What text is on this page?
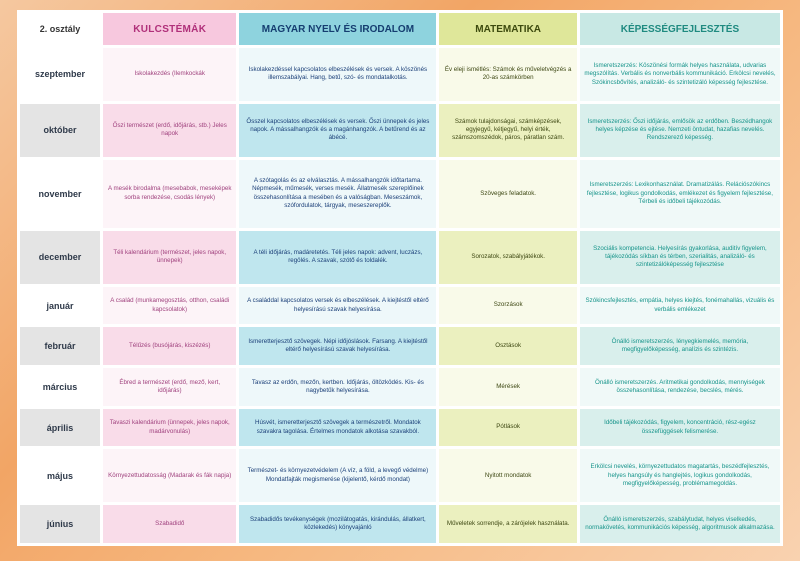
2. osztály	KULCSTÉMÁK	MAGYAR NYELV ÉS IRODALOM	MATEMATIKA	KÉPESSÉGFEJLESZTÉS
szeptember	Iskolakezdés (Ilemkockák	Iskolakezdéssel kapcsolatos elbeszélések és versek. A köszönés illemszabályai. Hang, betű, szó- és mondatalkotás.	Év eleji ismétlés: Számok és műveletvégzés a 20-as számkörben	Ismeretszerzés: Köszönési formák helyes használata, udvarias megszólítás. Verbális és nonverbális kommunikáció. Erkölcsi nevelés, Szókincsbővítés, analizáló- és szintetizáló képesség fejlesztése.
október	Őszi természet (erdő, időjárás, stb.) Jeles napok	Ősszel kapcsolatos elbeszélések és versek. Őszi ünnepek és jeles napok. A mássalhangzók és a magánhangzók. A betűrend és az ábécé.	Számok tulajdonságai, számképzések, egyjegyű, kétjegyű, helyi érték, számszomszédok, páros, páratlan szám.	Ismeretszerzés: Őszi időjárás, emlősök az erdőben. Beszédhangok helyes képzése és ejtése. Nemzeti öntudat, hazafias nevelés. Rendszerező képesség.
november	A mesék birodalma (mesebabok, meseképek sorba rendezése, csodás lények)	A szótagolás és az elválasztás. A mássalhangzók időtartama. Népmesék, műmesék, verses mesék. Állatmesék szereplőinek összehasonlítása a mesében és a valóságban. Meseszámok, szófordulatok, tárgyak, meseszereplők.	Szöveges feladatok.	Ismeretszerzés: Lexikonhasználat. Dramatizálás. Relációszókincs fejlesztése, logikus gondolkodás, emlékezet és figyelem fejlesztése, Térbeli és időbeli tájékozódás.
december	Téli kalendárium (természet, jeles napok, ünnepek)	A téli időjárás, madáretetés. Téli jeles napok: advent, luczázs, regölés. A szavak, szótő és toldalék.	Sorozatok, szabályjátékok.	Szociális kompetencia. Helyesírás gyakorlása, auditív figyelem, tájékozódás síkban és térben, szerialitás, analizáló- és szintetizálóképesség fejlesztése
január	A család (munkamegosztás, otthon, családi kapcsolatok)	A családdal kapcsolatos versek és elbeszélések. A kiejtéstől eltérő helyesírású szavak helyesírása.	Szorzások	Szókincsfejlesztés, empátia, helyes kiejtés, fonémahallás, vizuális és verbális emlékezet
február	Télűzés (busójárás, kiszézés)	Ismeretterjesztő szövegek. Népi időjóslások. Farsang. A kiejtéstől eltérő helyesírású szavak helyesírása.	Osztások	Önálló ismeretszerzés, lényegkiemelés, memória, megfigyelőképesség, analízis és szintézis.
március	Ébred a természet (erdő, mező, kert, időjárás)	Tavasz az erdőn, mezőn, kertben. Időjárás, öltözködés. Kis- és nagybetűk helyesírása.	Mérések	Önálló ismeretszerzés. Aritmetikai gondolkodás, mennyiségek összehasonlítása, rendezése, becslés, mérés.
április	Tavaszi kalendárium (ünnepek, jeles napok, madárvonulás)	Húsvét, ismeretterjesztő szövegek a természetről. Mondatok szavakra tagolása. Értelmes mondatok alkotása szavakból.	Pótlások	Időbeli tájékozódás, figyelem, koncentráció, rész-egész összefüggések felismerése.
május	Környezettudatosság (Madarak és fák napja)	Természet- és környezetvédelem (A víz, a föld, a levegő védelme) Mondatfajták megismerése (kijelentő, kérdő mondat)	Nyitott mondatok	Erkölcsi nevelés, környezettudatos magatartás, beszédfejlesztés, helyes hangsúly és hanglejtés, logikus gondolkodás, megfigyelőképesség, problémamegoldás.
június	Szabadidő	Szabadidős tevékenységek (mozilátogatás, kirándulás, állatkert, közlekedés) könyvajánló	Műveletek sorrendje, a zárójelek használata.	Önálló ismeretszerzés, szabálytudat, helyes viselkedés, normakövetés, kommunikációs képesség, algoritmusok alkalmazása.
